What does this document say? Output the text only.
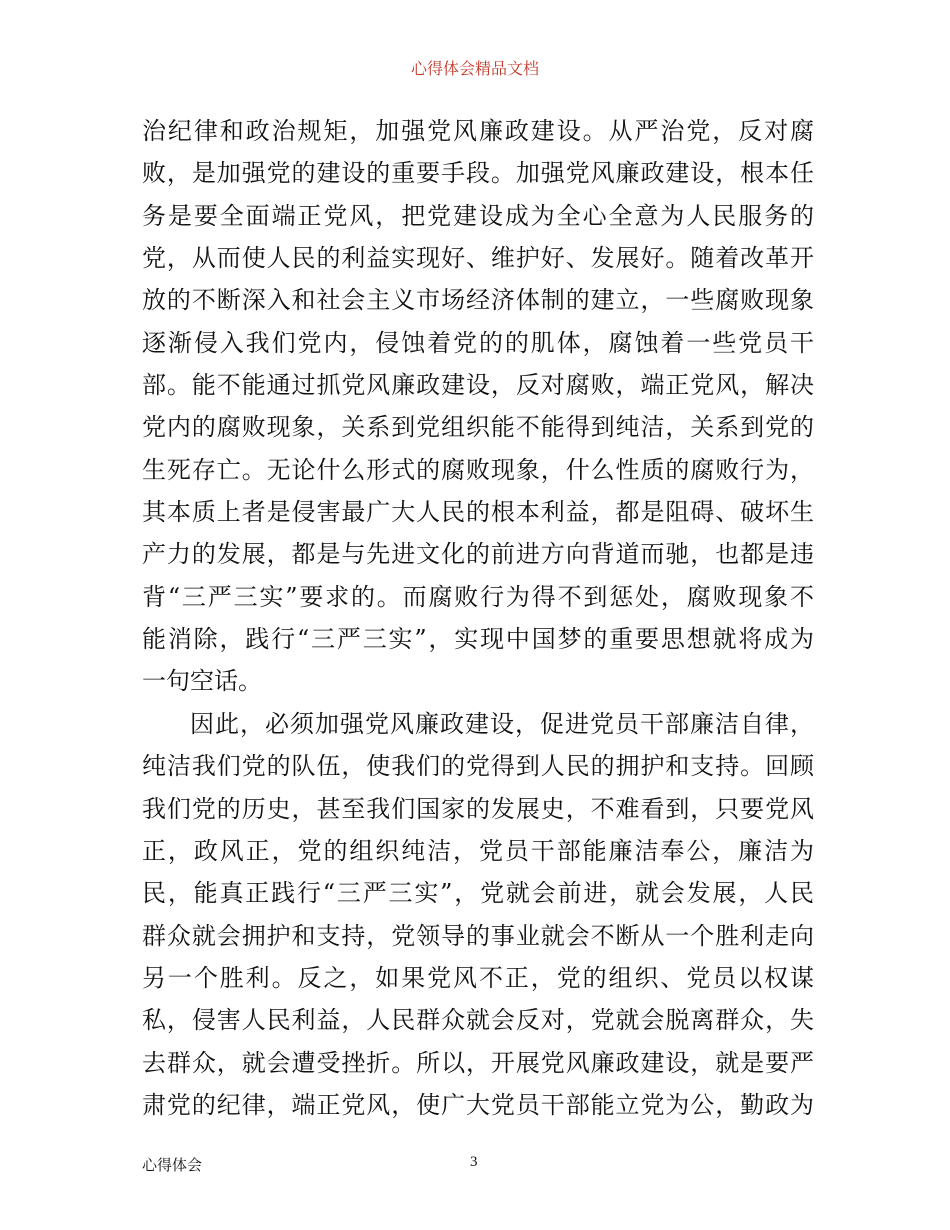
心得体会精品文档
治纪律和政治规矩，加强党风廉政建设。从严治党，反对腐
败，是加强党的建设的重要手段。加强党风廉政建设，根本任
务是要全面端正党风，把党建设成为全心全意为人民服务的
党，从而使人民的利益实现好、维护好、发展好。随着改革开
放的不断深入和社会主义市场经济体制的建立，一些腐败现象
逐渐侵入我们党内，侵蚀着党的的肌体，腐蚀着一些党员干
部。能不能通过抓党风廉政建设，反对腐败，端正党风，解决
党内的腐败现象，关系到党组织能不能得到纯洁，关系到党的
生死存亡。无论什么形式的腐败现象，什么性质的腐败行为，
其本质上者是侵害最广大人民的根本利益，都是阻碍、破坏生
产力的发展，都是与先进文化的前进方向背道而驰，也都是违
背“三严三实”要求的。而腐败行为得不到惩处，腐败现象不
能消除，践行“三严三实”，实现中国梦的重要思想就将成为
一句空话。
因此，必须加强党风廉政建设，促进党员干部廉洁自律，
纯洁我们党的队伍，使我们的党得到人民的拥护和支持。回顾
我们党的历史，甚至我们国家的发展史，不难看到，只要党风
正，政风正，党的组织纯洁，党员干部能廉洁奉公，廉洁为
民，能真正践行“三严三实”，党就会前进，就会发展，人民
群众就会拥护和支持，党领导的事业就会不断从一个胜利走向
另一个胜利。反之，如果党风不正，党的组织、党员以权谋
私，侵害人民利益，人民群众就会反对，党就会脱离群众，失
去群众，就会遭受挫折。所以，开展党风廉政建设，就是要严
肃党的纪律，端正党风，使广大党员干部能立党为公，勤政为
心得体会	3
